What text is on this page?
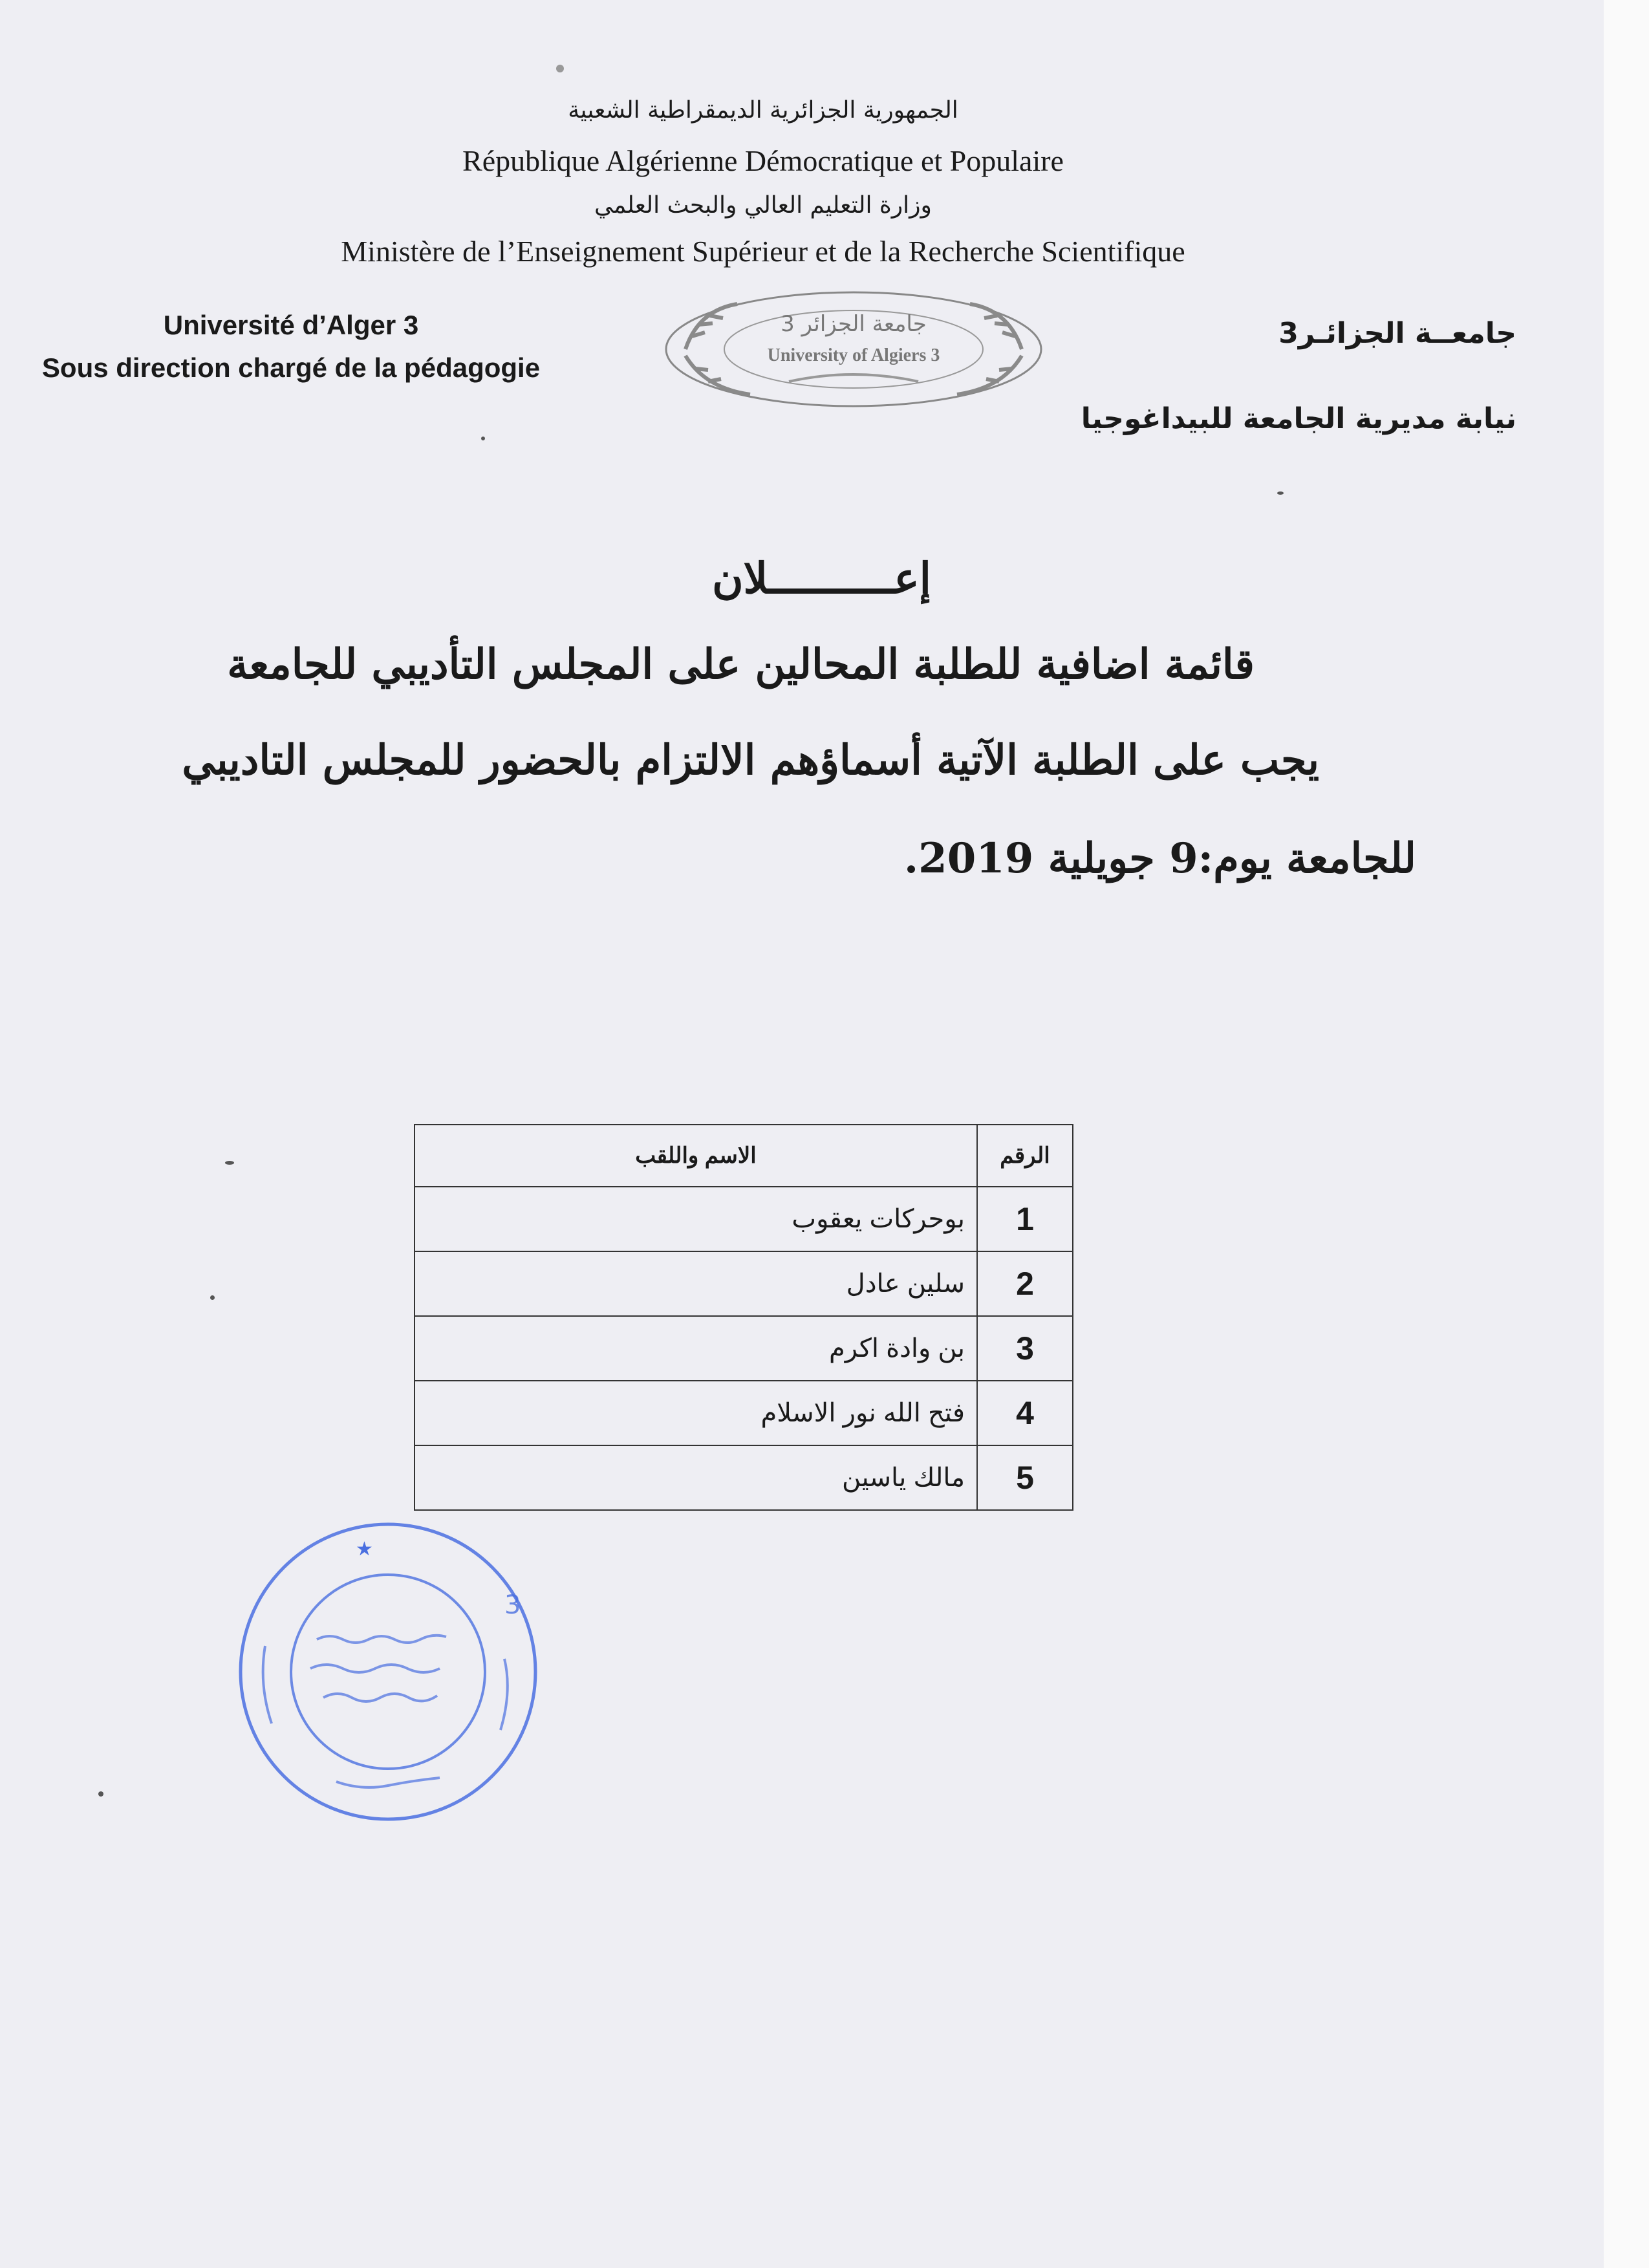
الجمهورية الجزائرية الديمقراطية الشعبية
République Algérienne Démocratique et Populaire
وزارة التعليم العالي والبحث العلمي
Ministère de l’Enseignement Supérieur et de la Recherche Scientifique
Université d’Alger 3
Sous direction chargé de la pédagogie
جامعة الجزائر 3
University of Algiers 3
جامعــة الجزائـر3
نيابة مديرية الجامعة للبيداغوجيا
إعــــــــــلان
قائمة اضافية للطلبة المحالين على المجلس التأديبي للجامعة
يجب على الطلبة الآتية أسماؤهم الالتزام بالحضور للمجلس التاديبي
للجامعة يوم:9 جويلية 2019.
الرقم	الاسم واللقب
1	بوحركات يعقوب
2	سلين عادل
3	بن وادة اكرم
4	فتح الله نور الاسلام
5	مالك ياسين
3
★
